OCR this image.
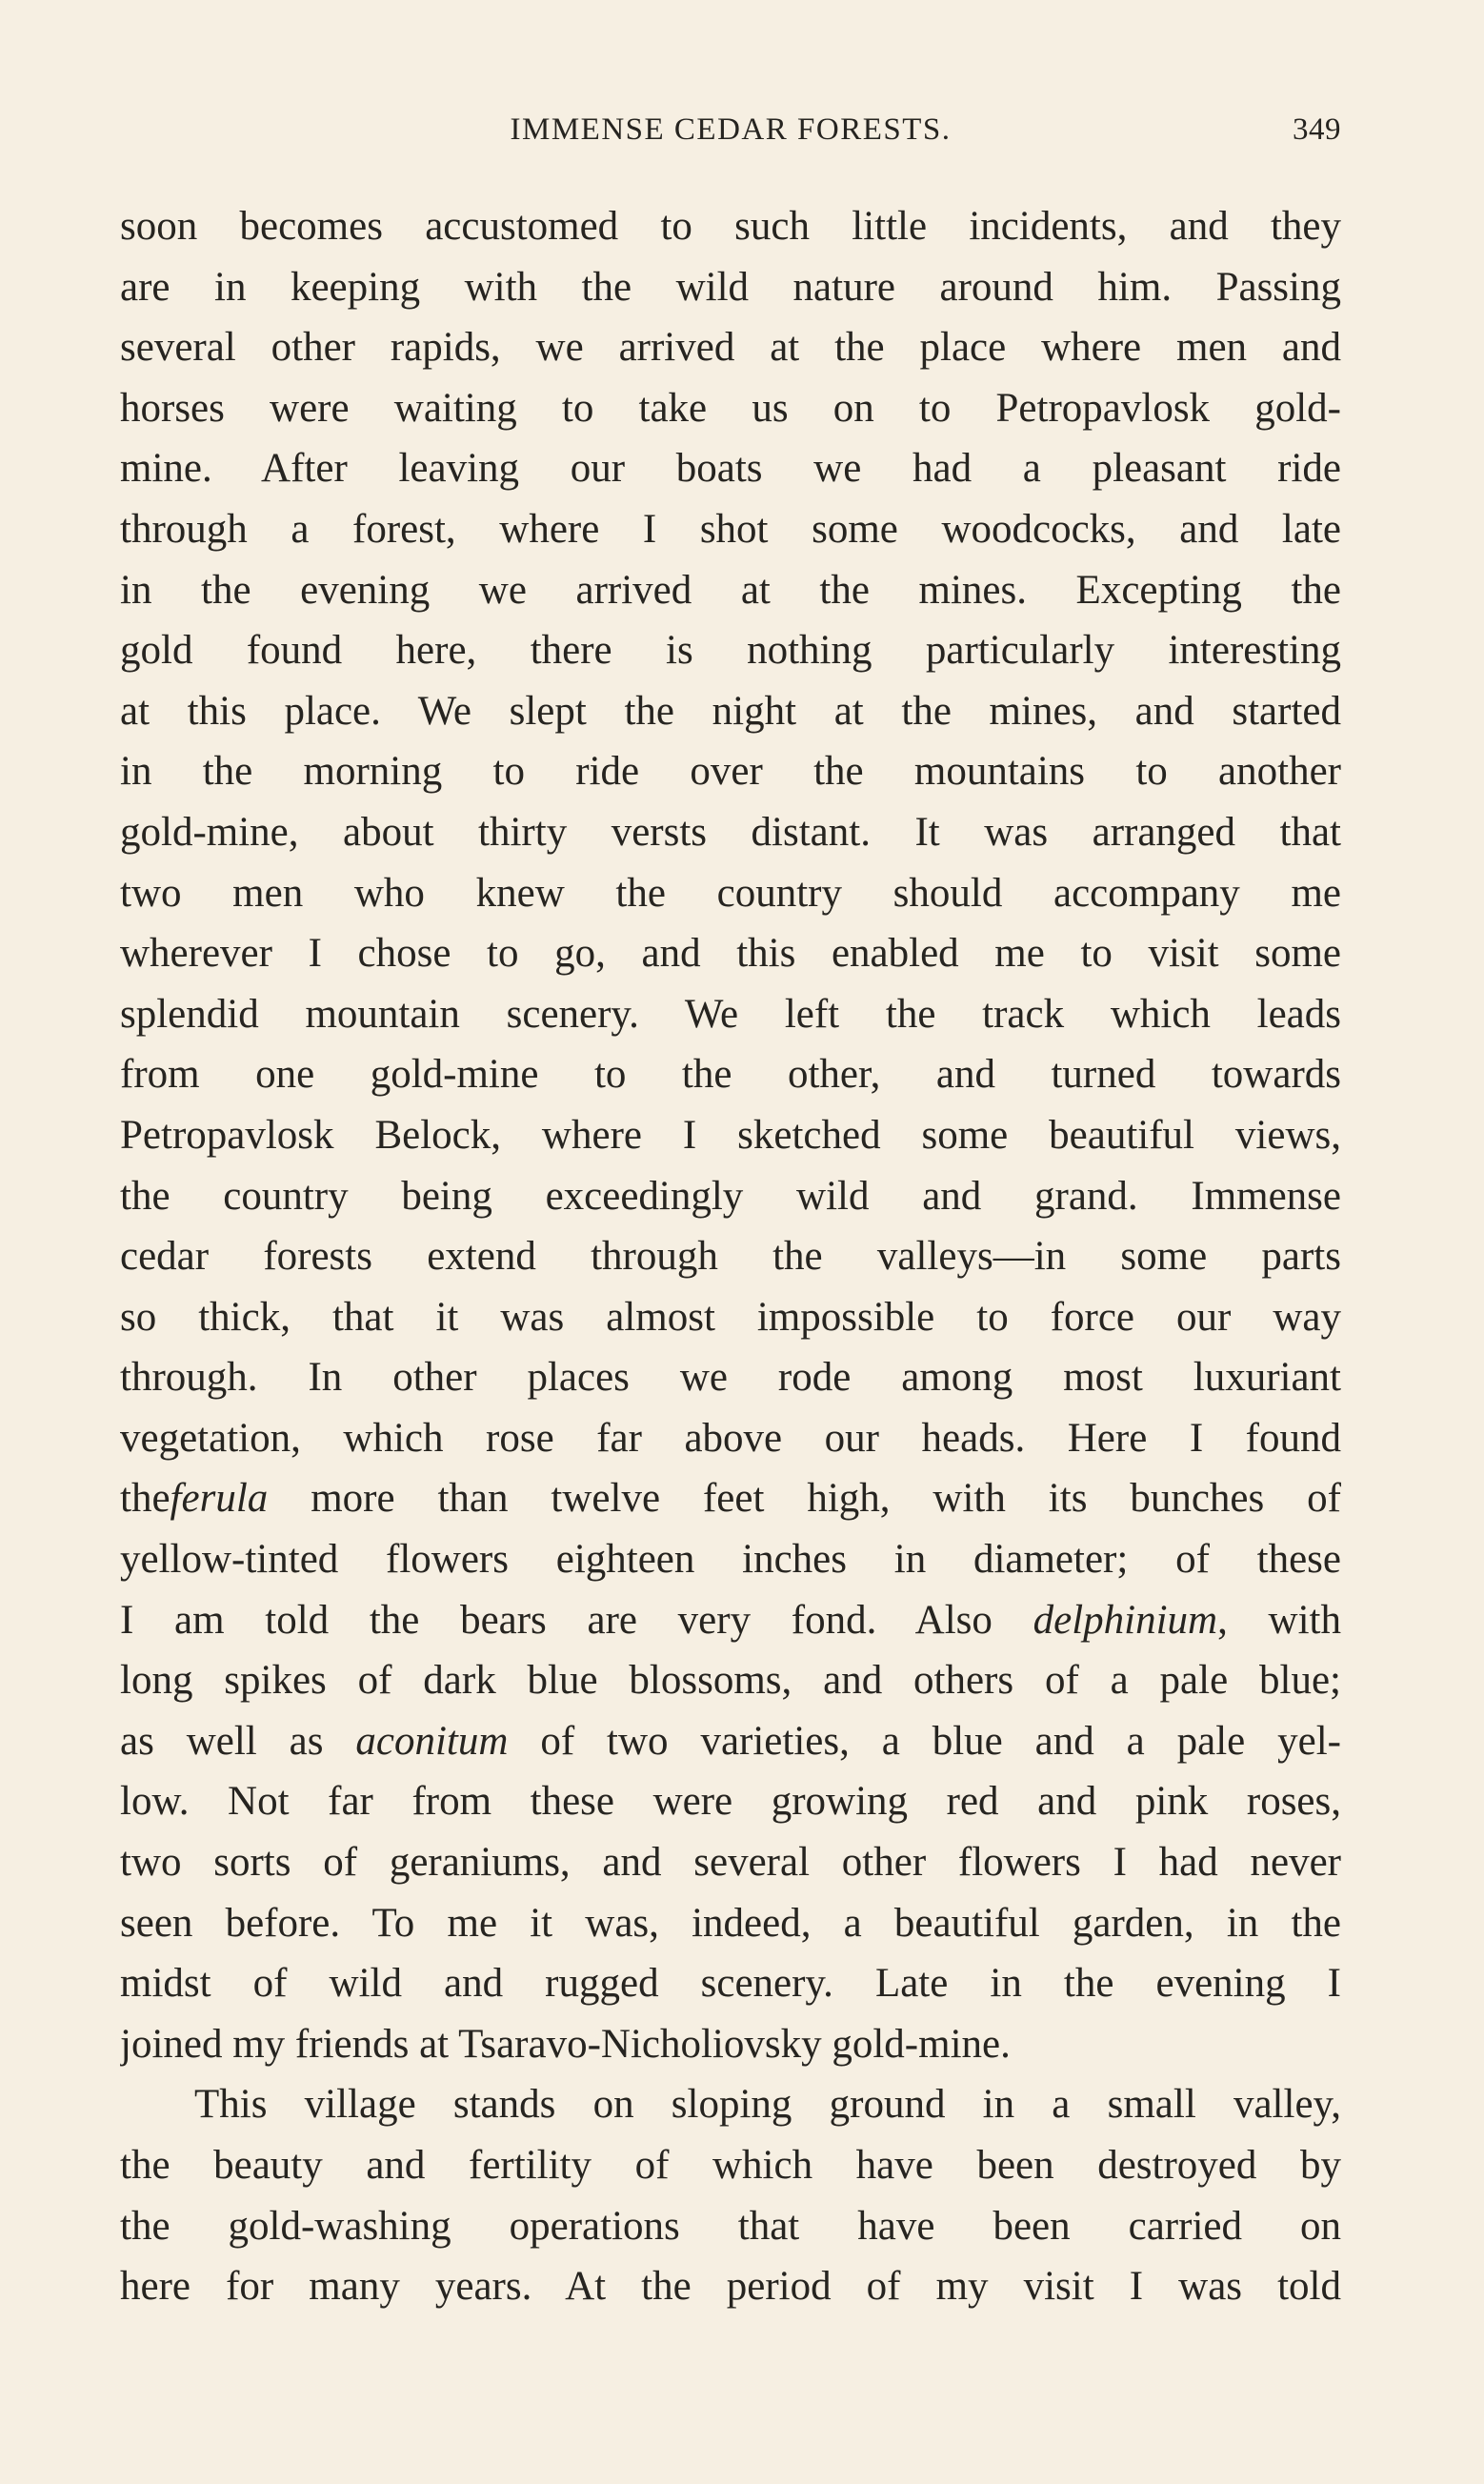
IMMENSE CEDAR FORESTS.	349
soon becomes accustomed to such little incidents, and they
are in keeping with the wild nature around him. Passing
several other rapids, we arrived at the place where men and
horses were waiting to take us on to Petropavlosk gold-
mine. After leaving our boats we had a pleasant ride
through a forest, where I shot some woodcocks, and late
in the evening we arrived at the mines. Excepting the
gold found here, there is nothing particularly interesting
at this place. We slept the night at the mines, and started
in the morning to ride over the mountains to another
gold-mine, about thirty versts distant. It was arranged that
two men who knew the country should accompany me
wherever I chose to go, and this enabled me to visit some
splendid mountain scenery. We left the track which leads
from one gold-mine to the other, and turned towards
Petropavlosk Belock, where I sketched some beautiful views,
the country being exceedingly wild and grand. Immense
cedar forests extend through the valleys—in some parts
so thick, that it was almost impossible to force our way
through. In other places we rode among most luxuriant
vegetation, which rose far above our heads. Here I found
theferula more than twelve feet high, with its bunches of
yellow-tinted flowers eighteen inches in diameter; of these
I am told the bears are very fond. Also delphinium, with
long spikes of dark blue blossoms, and others of a pale blue;
as well as aconitum of two varieties, a blue and a pale yel-
low. Not far from these were growing red and pink roses,
two sorts of geraniums, and several other flowers I had never
seen before. To me it was, indeed, a beautiful garden, in the
midst of wild and rugged scenery. Late in the evening I
joined my friends at Tsaravo-Nicholiovsky gold-mine.
This village stands on sloping ground in a small valley,
the beauty and fertility of which have been destroyed by
the gold-washing operations that have been carried on
here for many years. At the period of my visit I was told
